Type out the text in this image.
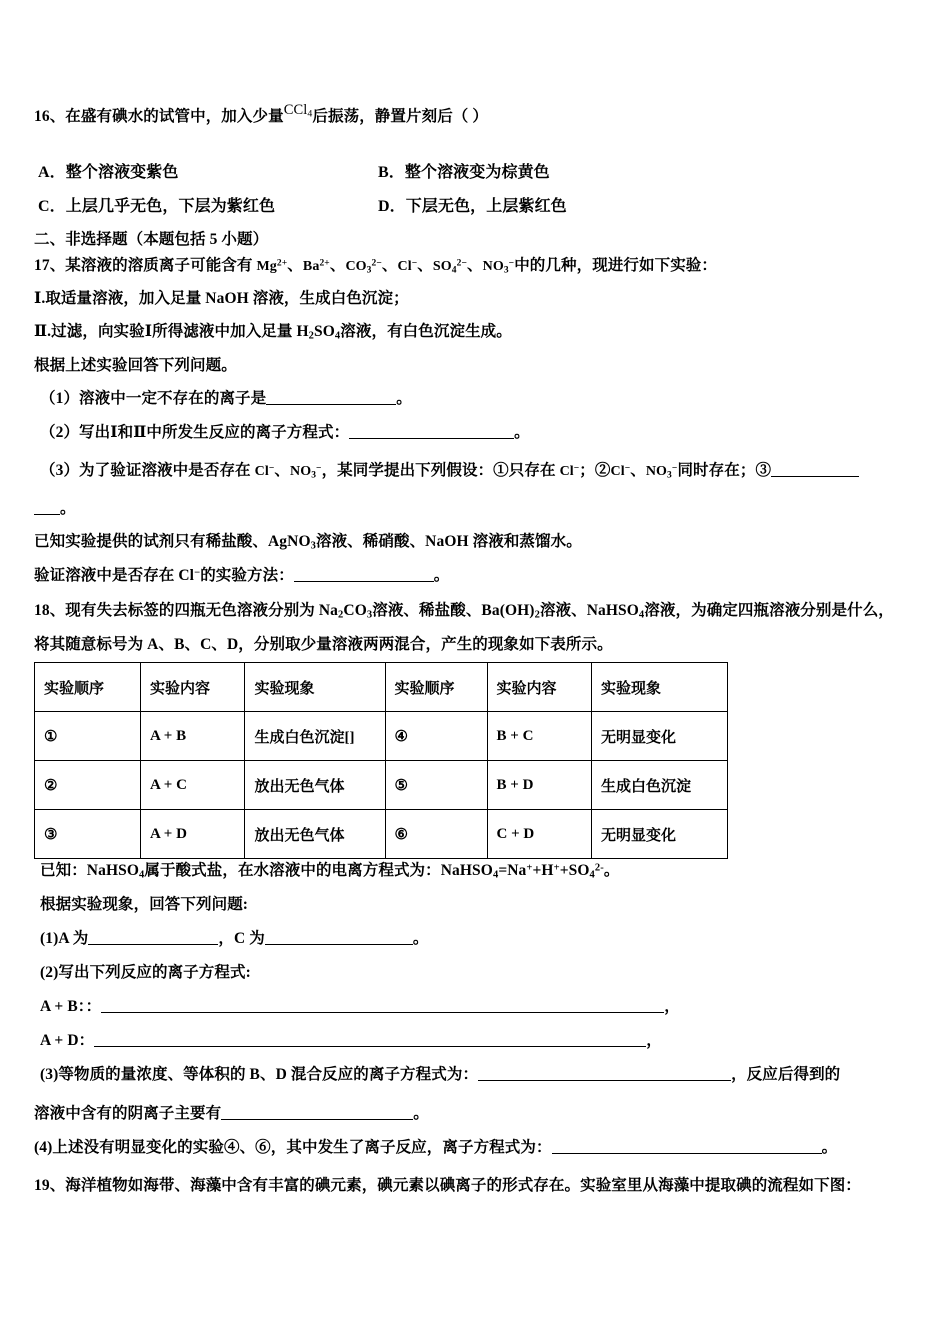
16、在盛有碘水的试管中，加入少量CCl$_4$后振荡，静置片刻后（ ）
A．整个溶液变紫色	B．整个溶液变为棕黄色
C．上层几乎无色，下层为紫红色	D．下层无色，上层紫红色
二、非选择题（本题包括 5 小题）
17、某溶液的溶质离子可能含有 $Mg^{2+}$、$Ba^{2+}$、$CO_3^{2-}$、Cl−、$SO_4^{2-}$、$NO_3^-$中的几种，现进行如下实验：
Ⅰ.取适量溶液，加入足量 NaOH 溶液，生成白色沉淀；
Ⅱ.过滤，向实验Ⅰ所得滤液中加入足量 $H_2SO_4$溶液，有白色沉淀生成。
根据上述实验回答下列问题。
（1）溶液中一定不存在的离子是	。
（2）写出Ⅰ和Ⅱ中所发生反应的离子方程式：	。
（3）为了验证溶液中是否存在 Cl−、$NO_3^-$，某同学提出下列假设：①只存在 Cl−；②Cl−、$NO_3^-$同时存在；③
。
已知实验提供的试剂只有稀盐酸、AgNO$_3$溶液、稀硝酸、NaOH 溶液和蒸馏水。
验证溶液中是否存在 Cl−的实验方法：	。
18、现有失去标签的四瓶无色溶液分别为 $Na_2CO_3$溶液、稀盐酸、$Ba(OH)_2$溶液、NaHSO$_4$溶液，为确定四瓶溶液分别是什么，
将其随意标号为 A、B、C、D，分别取少量溶液两两混合，产生的现象如下表所示。
实验顺序	实验内容	实验现象	实验顺序	实验内容	实验现象
①	A + B	生成白色沉淀[]	④	B + C	无明显变化
②	A + C	放出无色气体	⑤	B + D	生成白色沉淀
③	A + D	放出无色气体	⑥	C + D	无明显变化
已知：NaHSO$_4$属于酸式盐，在水溶液中的电离方程式为：$NaHSO_4=Na^++H^++SO_4^{2-}$。
根据实验现象，回答下列问题:
(1)A 为	，C 为	。
(2)写出下列反应的离子方程式:
A + B：：	，
A + D：	，
(3)等物质的量浓度、等体积的 B、D 混合反应的离子方程式为：	，反应后得到的
溶液中含有的阴离子主要有	。
(4)上述没有明显变化的实验④、⑥，其中发生了离子反应，离子方程式为：	。
19、海洋植物如海带、海藻中含有丰富的碘元素，碘元素以碘离子的形式存在。实验室里从海藻中提取碘的流程如下图：
